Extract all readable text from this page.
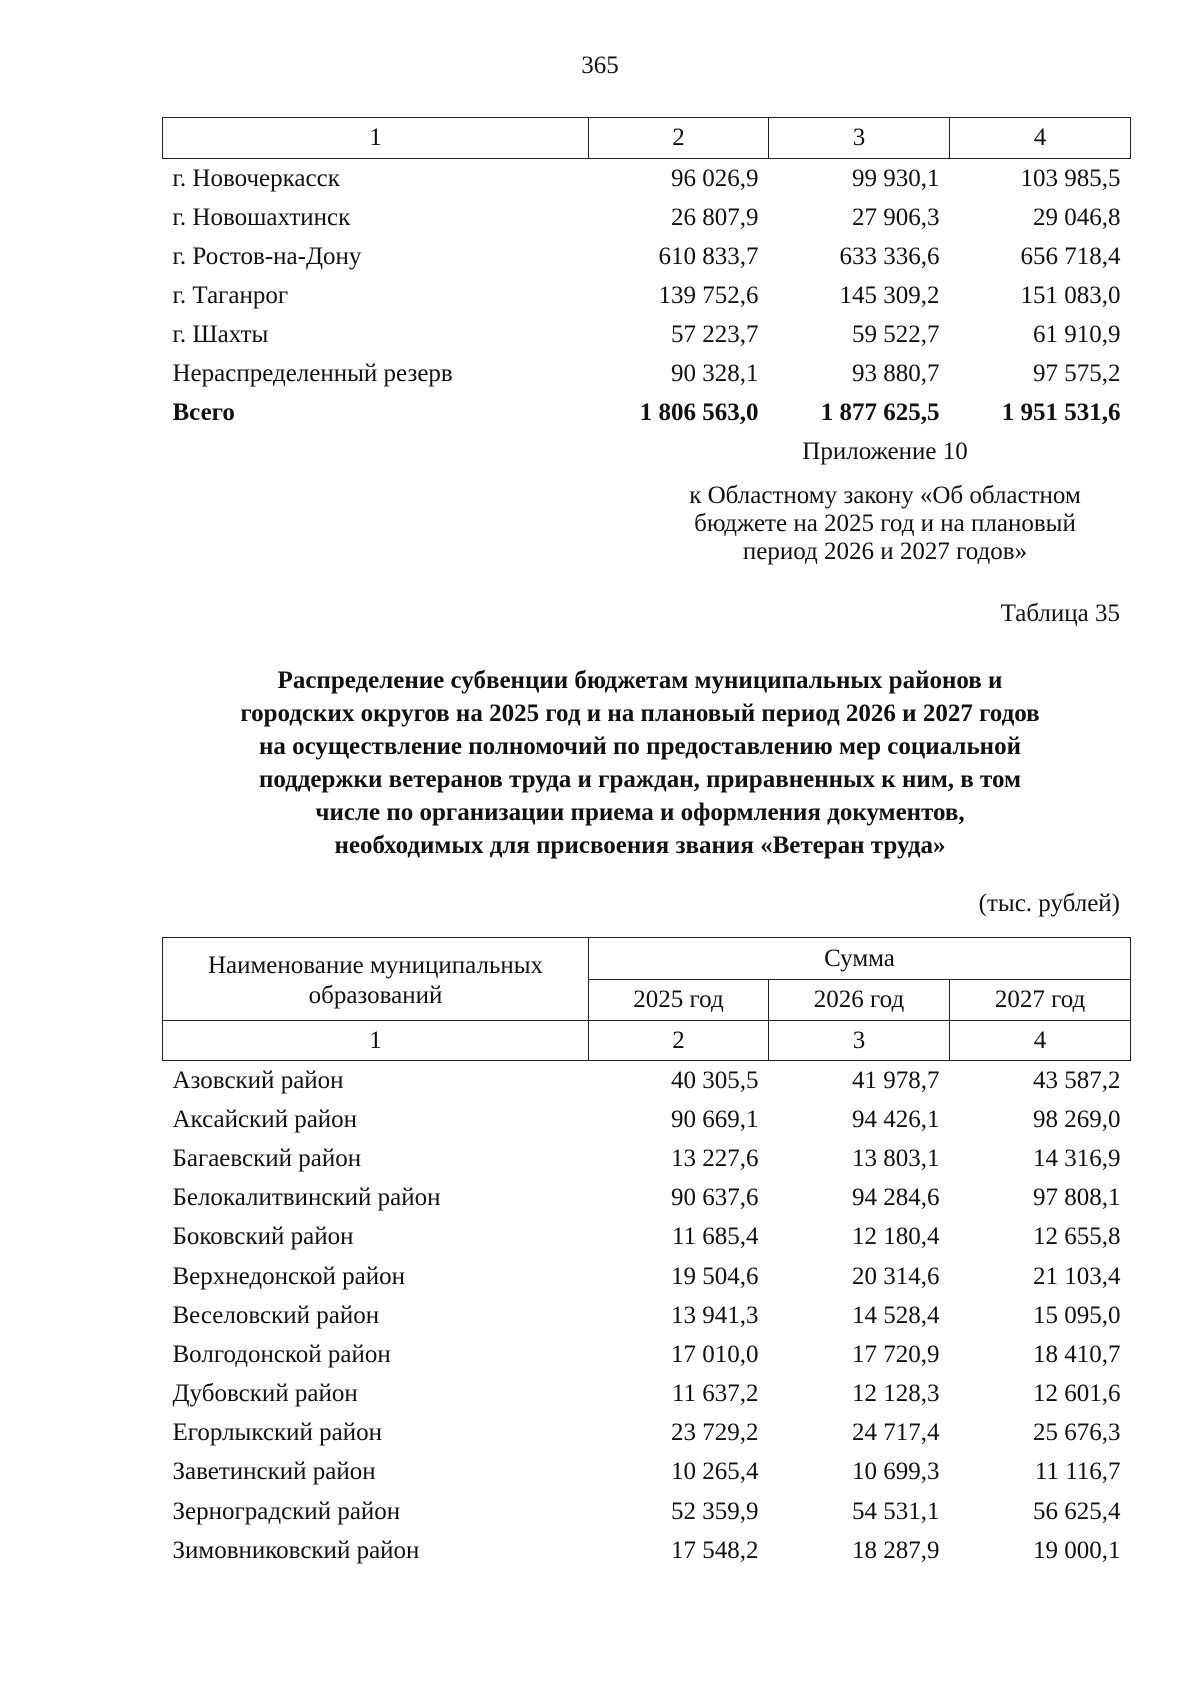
365
1	2	3	4
г. Новочеркасск	96 026,9	99 930,1	103 985,5
г. Новошахтинск	26 807,9	27 906,3	29 046,8
г. Ростов-на-Дону	610 833,7	633 336,6	656 718,4
г. Таганрог	139 752,6	145 309,2	151 083,0
г. Шахты	57 223,7	59 522,7	61 910,9
Нераспределенный резерв	90 328,1	93 880,7	97 575,2
Всего	1 806 563,0	1 877 625,5	1 951 531,6
Приложение 10
к Областному закону «Об областном
бюджете на 2025 год и на плановый
период 2026 и 2027 годов»
Таблица 35
Распределение субвенции бюджетам муниципальных районов и
городских округов на 2025 год и на плановый период 2026 и 2027 годов
на осуществление полномочий по предоставлению мер социальной
поддержки ветеранов труда и граждан, приравненных к ним, в том
числе по организации приема и оформления документов,
необходимых для присвоения звания «Ветеран труда»
(тыс. рублей)
Наименование муниципальных
образований	Сумма		
	2025 год	2026 год	2027 год
1	2	3	4
Азовский район	40 305,5	41 978,7	43 587,2
Аксайский район	90 669,1	94 426,1	98 269,0
Багаевский район	13 227,6	13 803,1	14 316,9
Белокалитвинский район	90 637,6	94 284,6	97 808,1
Боковский район	11 685,4	12 180,4	12 655,8
Верхнедонской район	19 504,6	20 314,6	21 103,4
Веселовский район	13 941,3	14 528,4	15 095,0
Волгодонской район	17 010,0	17 720,9	18 410,7
Дубовский район	11 637,2	12 128,3	12 601,6
Егорлыкский район	23 729,2	24 717,4	25 676,3
Заветинский район	10 265,4	10 699,3	11 116,7
Зерноградский район	52 359,9	54 531,1	56 625,4
Зимовниковский район	17 548,2	18 287,9	19 000,1
